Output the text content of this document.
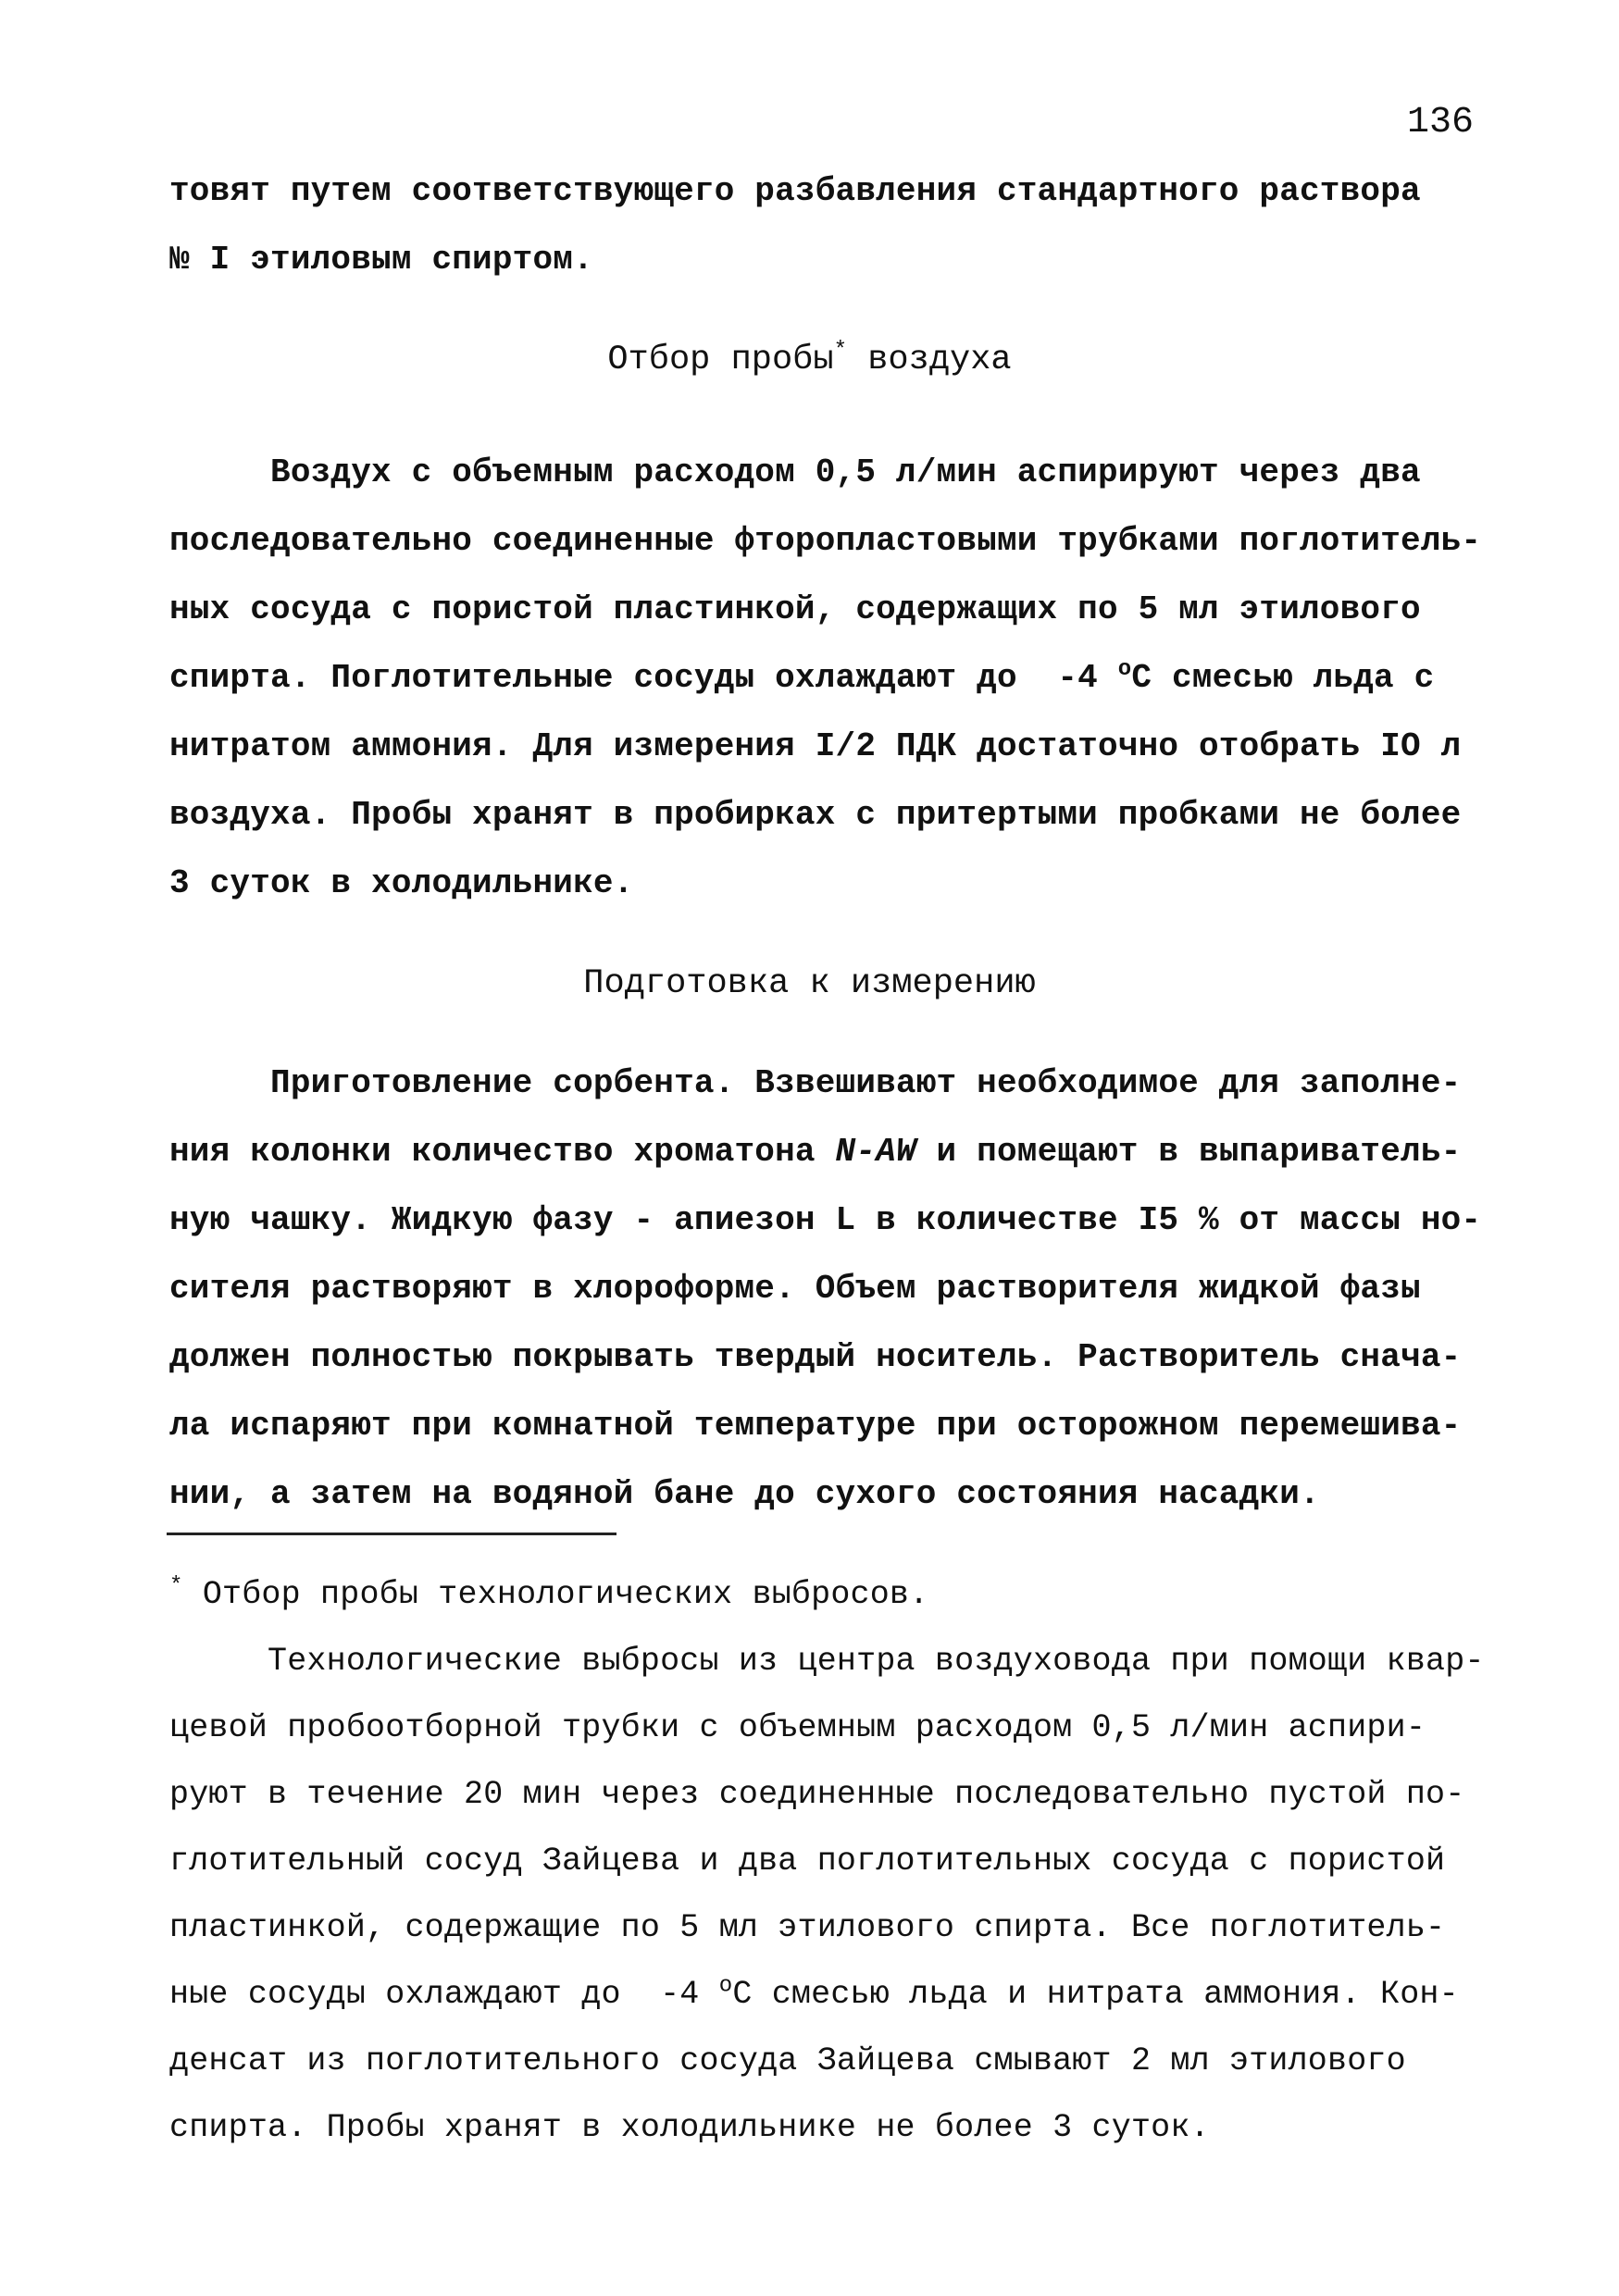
136
товят путем соответствующего разбавления стандартного раствора
№ I этиловым спиртом.
Отбор пробы* воздуха
Воздух с объемным расходом 0,5 л/мин аспирируют через два
последовательно соединенные фторопластовыми трубками поглотитель-
ных сосуда с пористой пластинкой, содержащих по 5 мл этилового
спирта. Поглотительные сосуды охлаждают до  -4 $^о$С смесью льда с
нитратом аммония. Для измерения I/2 ПДК достаточно отобрать IO л
воздуха. Пробы хранят в пробирках с притертыми пробками не более
3 суток в холодильнике.
Подготовка к измерению
Приготовление сорбента. Взвешивают необходимое для заполне-
ния колонки количество хроматона N-AW и помещают в выпариватель-
ную чашку. Жидкую фазу - апиезон L в количестве I5 % от массы но-
сителя растворяют в хлороформе. Объем растворителя жидкой фазы
должен полностью покрывать твердый носитель. Растворитель снача-
ла испаряют при комнатной температуре при осторожном перемешива-
нии, а затем на водяной бане до сухого состояния насадки.
* Отбор пробы технологических выбросов.
Технологические выбросы из центра воздуховода при помощи квар-
цевой пробоотборной трубки с объемным расходом 0,5 л/мин аспири-
руют в течение 20 мин через соединенные последовательно пустой по-
глотительный сосуд Зайцева и два поглотительных сосуда с пористой
пластинкой, содержащие по 5 мл этилового спирта. Все поглотитель-
ные сосуды охлаждают до  -4 $^о$С смесью льда и нитрата аммония. Кон-
денсат из поглотительного сосуда Зайцева смывают 2 мл этилового
спирта. Пробы хранят в холодильнике не более 3 суток.
